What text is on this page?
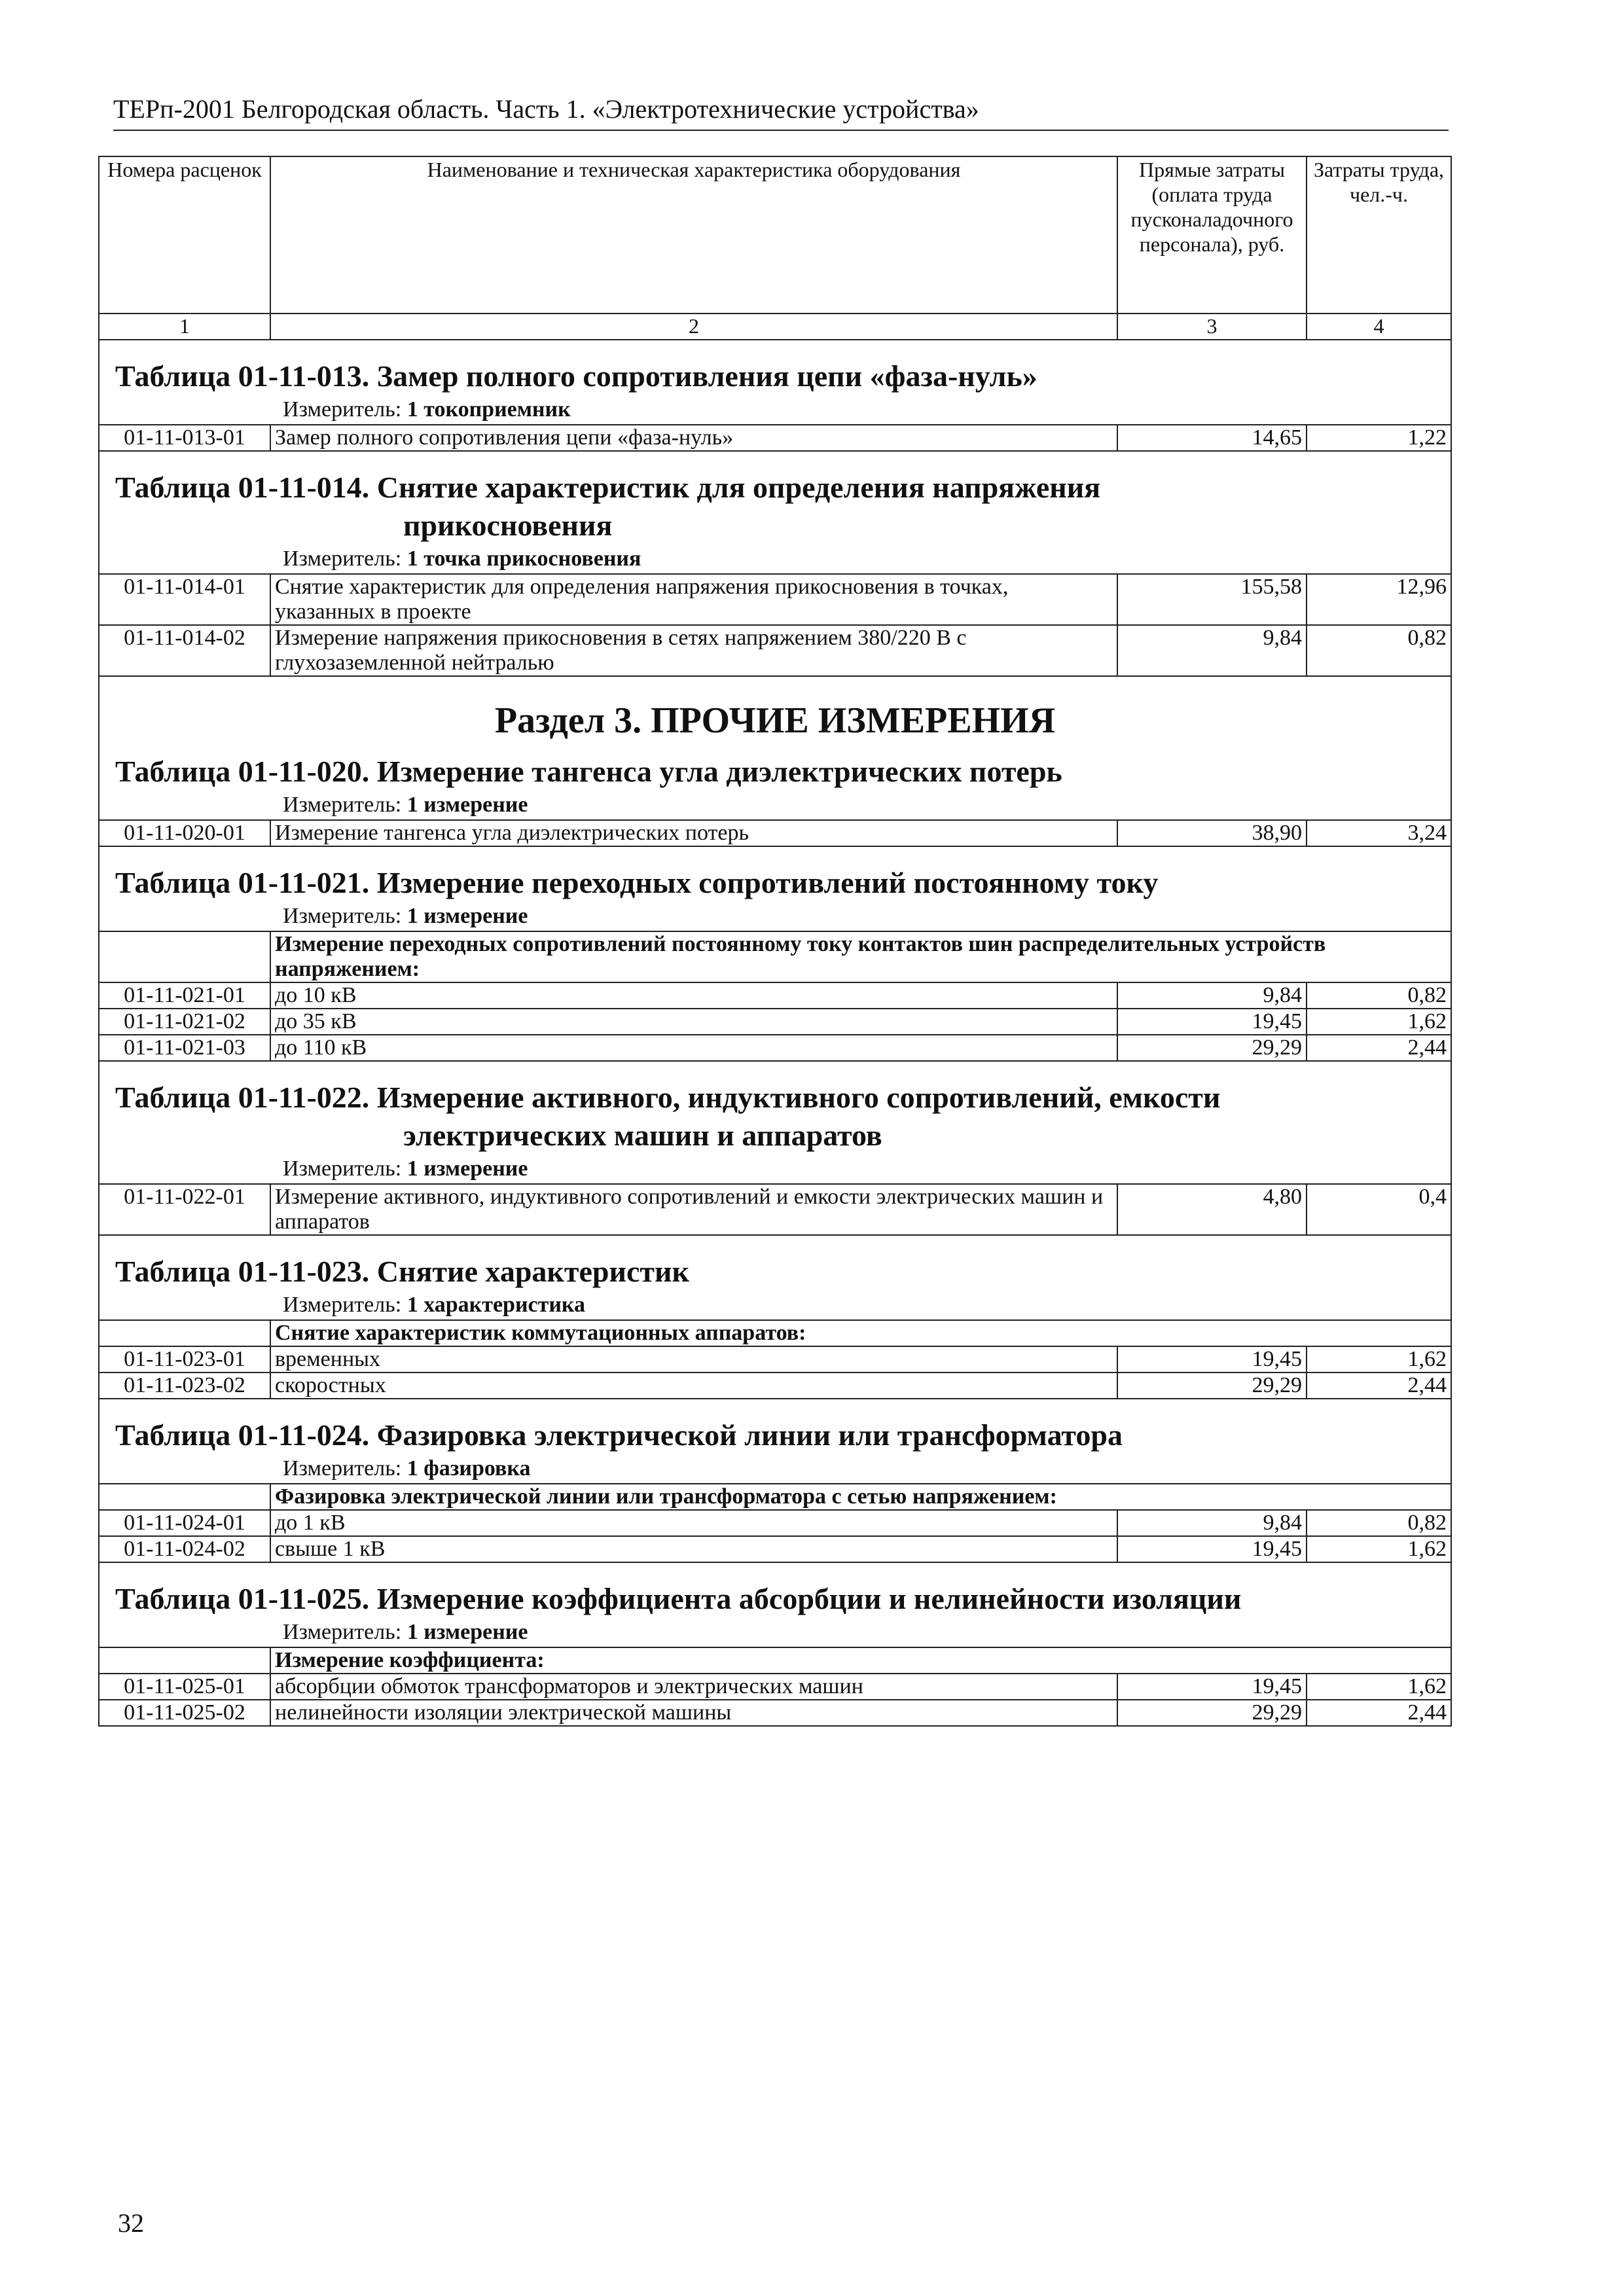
ТЕРп-2001 Белгородская область. Часть 1. «Электротехнические устройства»
Номера расценок	Наименование и техническая характеристика оборудования	Прямые затраты (оплата труда пусконаладочного персонала), руб.	Затраты труда, чел.-ч.
1	2	3	4

Таблица 01-11-013. Замер полного сопротивления цепи «фаза-нуль»
Измеритель: 1 токоприемник			

01-11-013-01	Замер полного сопротивления цепи «фаза-нуль»	14,65	1,22

Таблица 01-11-014. Снятие характеристик для определения напряжения
прикосновения
Измеритель: 1 точка прикосновения			

01-11-014-01	Снятие характеристик для определения напряжения прикосновения в точках, указанных в проекте	155,58	12,96
01-11-014-02	Измерение напряжения прикосновения в сетях напряжением 380/220 В с глухозаземленной нейтралью	9,84	0,82

Раздел 3. ПРОЧИЕ ИЗМЕРЕНИЯ
Таблица 01-11-020. Измерение тангенса угла диэлектрических потерь
Измеритель: 1 измерение			

01-11-020-01	Измерение тангенса угла диэлектрических потерь	38,90	3,24

Таблица 01-11-021. Измерение переходных сопротивлений постоянному току
Измеритель: 1 измерение			

	Измерение переходных сопротивлений постоянному току контактов шин распределительных устройств напряжением:		
01-11-021-01	до 10 кВ	9,84	0,82
01-11-021-02	до 35 кВ	19,45	1,62
01-11-021-03	до 110 кВ	29,29	2,44

Таблица 01-11-022. Измерение активного, индуктивного сопротивлений, емкости
электрических машин и аппаратов
Измеритель: 1 измерение			

01-11-022-01	Измерение активного, индуктивного сопротивлений и емкости электрических машин и аппаратов	4,80	0,4

Таблица 01-11-023. Снятие характеристик
Измеритель: 1 характеристика			

	Снятие характеристик коммутационных аппаратов:		
01-11-023-01	временных	19,45	1,62
01-11-023-02	скоростных	29,29	2,44

Таблица 01-11-024. Фазировка электрической линии или трансформатора
Измеритель: 1 фазировка			

	Фазировка электрической линии или трансформатора с сетью напряжением:		
01-11-024-01	до 1 кВ	9,84	0,82
01-11-024-02	свыше 1 кВ	19,45	1,62

Таблица 01-11-025. Измерение коэффициента абсорбции и нелинейности изоляции
Измеритель: 1 измерение			

	Измерение коэффициента:		
01-11-025-01	абсорбции обмоток трансформаторов и электрических машин	19,45	1,62
01-11-025-02	нелинейности изоляции электрической машины	29,29	2,44
32
